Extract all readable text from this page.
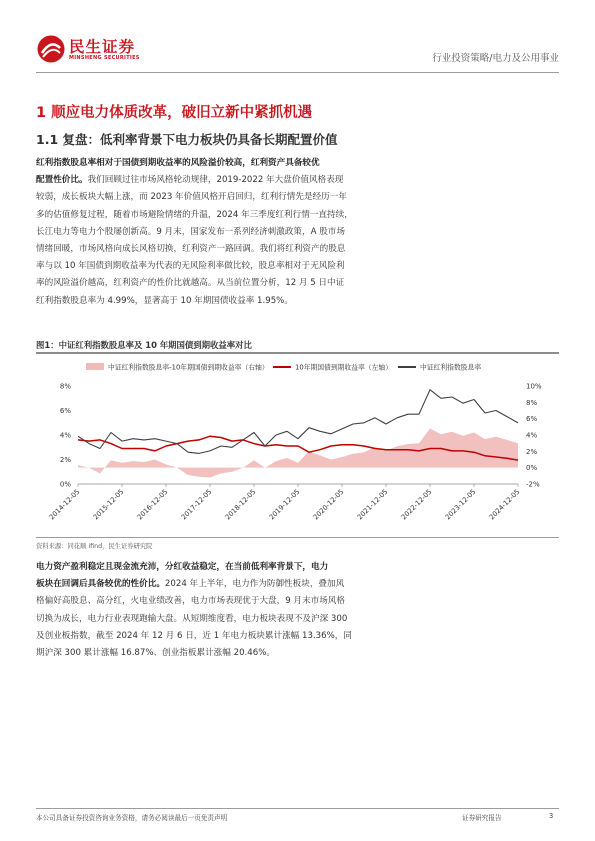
民生证券
MINSHENG SECURITIES	行业投资策略/电力及公用事业
1 顺应电力体质改革，破旧立新中紧抓机遇
1.1 复盘：低利率背景下电力板块仍具备长期配置价值
红利指数股息率相对于国债到期收益率的风险溢价较高，红利资产具备较优
配置性价比。我们回顾过往市场风格轮动规律，2019-2022 年大盘价值风格表现
较弱，成长板块大幅上涨，而 2023 年价值风格开启回归，红利行情先是经历一年
多的估值修复过程，随着市场避险情绪的升温，2024 年三季度红利行情一直持续，
长江电力等电力个股屡创新高。9 月末，国家发布一系列经济刺激政策，A 股市场
情绪回暖，市场风格向成长风格切换，红利资产一路回调。我们将红利资产的股息
率与以 10 年国债到期收益率为代表的无风险利率做比较，股息率相对于无风险利
率的风险溢价越高，红利资产的性价比就越高。从当前位置分析，12 月 5 日中证
红利指数股息率为 4.99%，显著高于 10 年期国债收益率 1.95%。
图1：中证红利指数股息率及 10 年期国债到期收益率对比
0%
2%
4%
6%
8%
-2%
0%
2%
4%
6%
8%
10%
2014-12-05 2015-12-05 2016-12-05 2017-12-05 2018-12-05 2019-12-05 2020-12-05 2021-12-05 2022-12-05 2023-12-05 2024-12-05
中证红利指数股息率-10年期国债到期收益率（右轴）	10年期国债到期收益率（左轴）	中证红利指数股息率
资料来源：同花顺 ifind，民生证券研究院
电力资产盈利稳定且现金流充沛，分红收益稳定，在当前低利率背景下，电力
板块在回调后具备较优的性价比。2024 年上半年，电力作为防御性板块，叠加风
格偏好高股息、高分红，火电业绩改善，电力市场表现优于大盘，9 月末市场风格
切换为成长，电力行业表现跑输大盘。从短期维度看，电力板块表现不及沪深 300
及创业板指数，截至 2024 年 12 月 6 日，近 1 年电力板块累计涨幅 13.36%，同
期沪深 300 累计涨幅 16.87%、创业指板累计涨幅 20.46%。
本公司具备证券投资咨询业务资格，请务必阅读最后一页免责声明	证券研究报告	3
